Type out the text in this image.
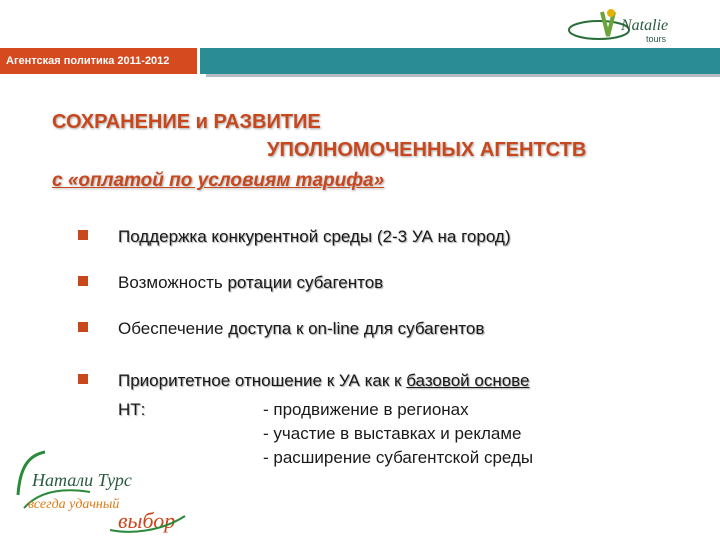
Агентская политика 2011-2012
Natalie
tours
СОХРАНЕНИЕ и РАЗВИТИЕ
УПОЛНОМОЧЕННЫХ АГЕНТСТВ
с «оплатой по условиям тарифа»
Поддержка конкурентной среды (2-3 УА на город)
Возможность ротации субагентов
Обеспечение доступа к on-line для субагентов
Приоритетное отношение к УА как к базовой основе
НТ:	- продвижение в регионах
- участие в выставках и рекламе
- расширение субагентской среды
Натали Турс
всегда удачный
выбор
